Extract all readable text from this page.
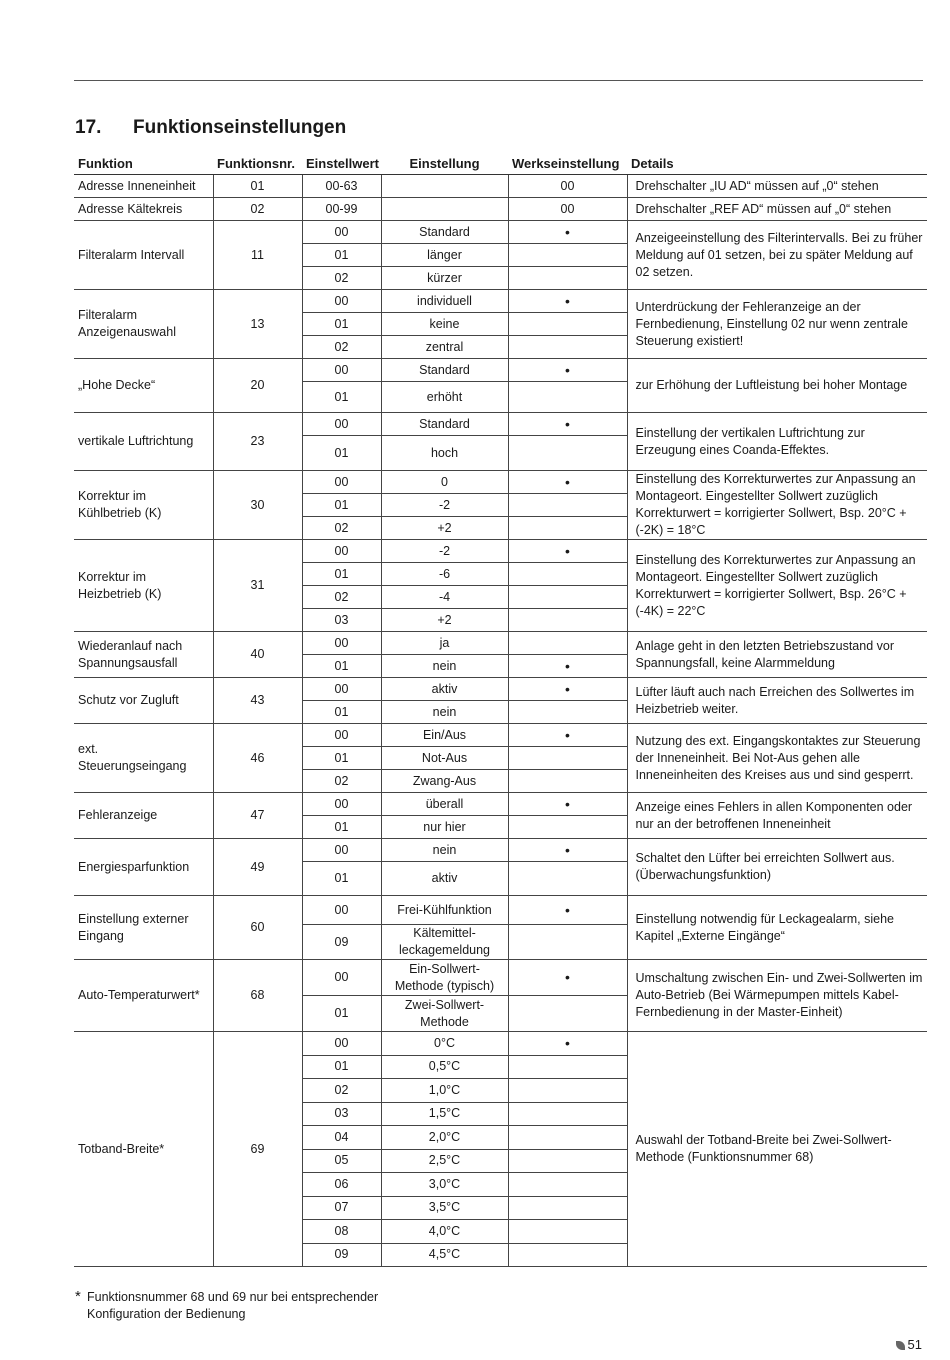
17. Funktionseinstellungen
Funktion	Funktionsnr.	Einstellwert	Einstellung	Werkseinstellung	Details
Adresse Inneneinheit	01	00-63		00	Drehschalter „IU AD“ müssen auf „0“ stehen
Adresse Kältekreis	02	00-99		00	Drehschalter „REF AD“ müssen auf „0“ stehen
Filteralarm Intervall	11	00	Standard	•	Anzeigeeinstellung des Filterintervalls. Bei zu früher Meldung auf 01 setzen, bei zu später Meldung auf 02 setzen.
		01	länger		
		02	kürzer		
Filteralarm Anzeigenauswahl	13	00	individuell	•	Unterdrückung der Fehleranzeige an der Fernbedienung, Einstellung 02 nur wenn zentrale Steuerung existiert!
		01	keine		
		02	zentral		
„Hohe Decke“	20	00	Standard	•	zur Erhöhung der Luftleistung bei hoher Montage
		01	erhöht		
vertikale Luftrichtung	23	00	Standard	•	Einstellung der vertikalen Luftrichtung zur Erzeugung eines Coanda-Effektes.
		01	hoch		
Korrektur im Kühlbetrieb (K)	30	00	0	•	Einstellung des Korrekturwertes zur Anpassung an Montageort. Eingestellter Sollwert zuzüglich Korrekturwert = korrigierter Sollwert, Bsp. 20°C + (-2K) = 18°C
		01	-2		
		02	+2		
Korrektur im Heizbetrieb (K)	31	00	-2	•	Einstellung des Korrekturwertes zur Anpassung an Montageort. Eingestellter Sollwert zuzüglich Korrekturwert = korrigierter Sollwert, Bsp. 26°C + (-4K) = 22°C
		01	-6		
		02	-4		
		03	+2		
Wiederanlauf nach Spannungsausfall	40	00	ja		Anlage geht in den letzten Betriebszustand vor Spannungsfall, keine Alarmmeldung
		01	nein	•	
Schutz vor Zugluft	43	00	aktiv	•	Lüfter läuft auch nach Erreichen des Sollwertes im Heizbetrieb weiter.
		01	nein		
ext. Steuerungseingang	46	00	Ein/Aus	•	Nutzung des ext. Eingangskontaktes zur Steuerung der Inneneinheit. Bei Not-Aus gehen alle Inneneinheiten des Kreises aus und sind gesperrt.
		01	Not-Aus		
		02	Zwang-Aus		
Fehleranzeige	47	00	überall	•	Anzeige eines Fehlers in allen Komponenten oder nur an der betroffenen Inneneinheit
		01	nur hier		
Energiesparfunktion	49	00	nein	•	Schaltet den Lüfter bei erreichten Sollwert aus. (Überwachungsfunktion)
		01	aktiv		
Einstellung externer Eingang	60	00	Frei-Kühlfunktion	•	Einstellung notwendig für Leckagealarm, siehe Kapitel „Externe Eingänge“
		09	Kältemittel-leckagemeldung		
Auto-Temperaturwert*	68	00	Ein-Sollwert-Methode (typisch)	•	Umschaltung zwischen Ein- und Zwei-Sollwerten im Auto-Betrieb (Bei Wärmepumpen mittels Kabel-Fernbedienung in der Master-Einheit)
		01	Zwei-Sollwert-Methode		
Totband-Breite*	69	00	0°C	•	Auswahl der Totband-Breite bei Zwei-Sollwert-Methode (Funktionsnummer 68)
		01	0,5°C		
		02	1,0°C		
		03	1,5°C		
		04	2,0°C		
		05	2,5°C		
		06	3,0°C		
		07	3,5°C		
		08	4,0°C		
		09	4,5°C		
* Funktionsnummer 68 und 69 nur bei entsprechender
Konfiguration der Bedienung
51
